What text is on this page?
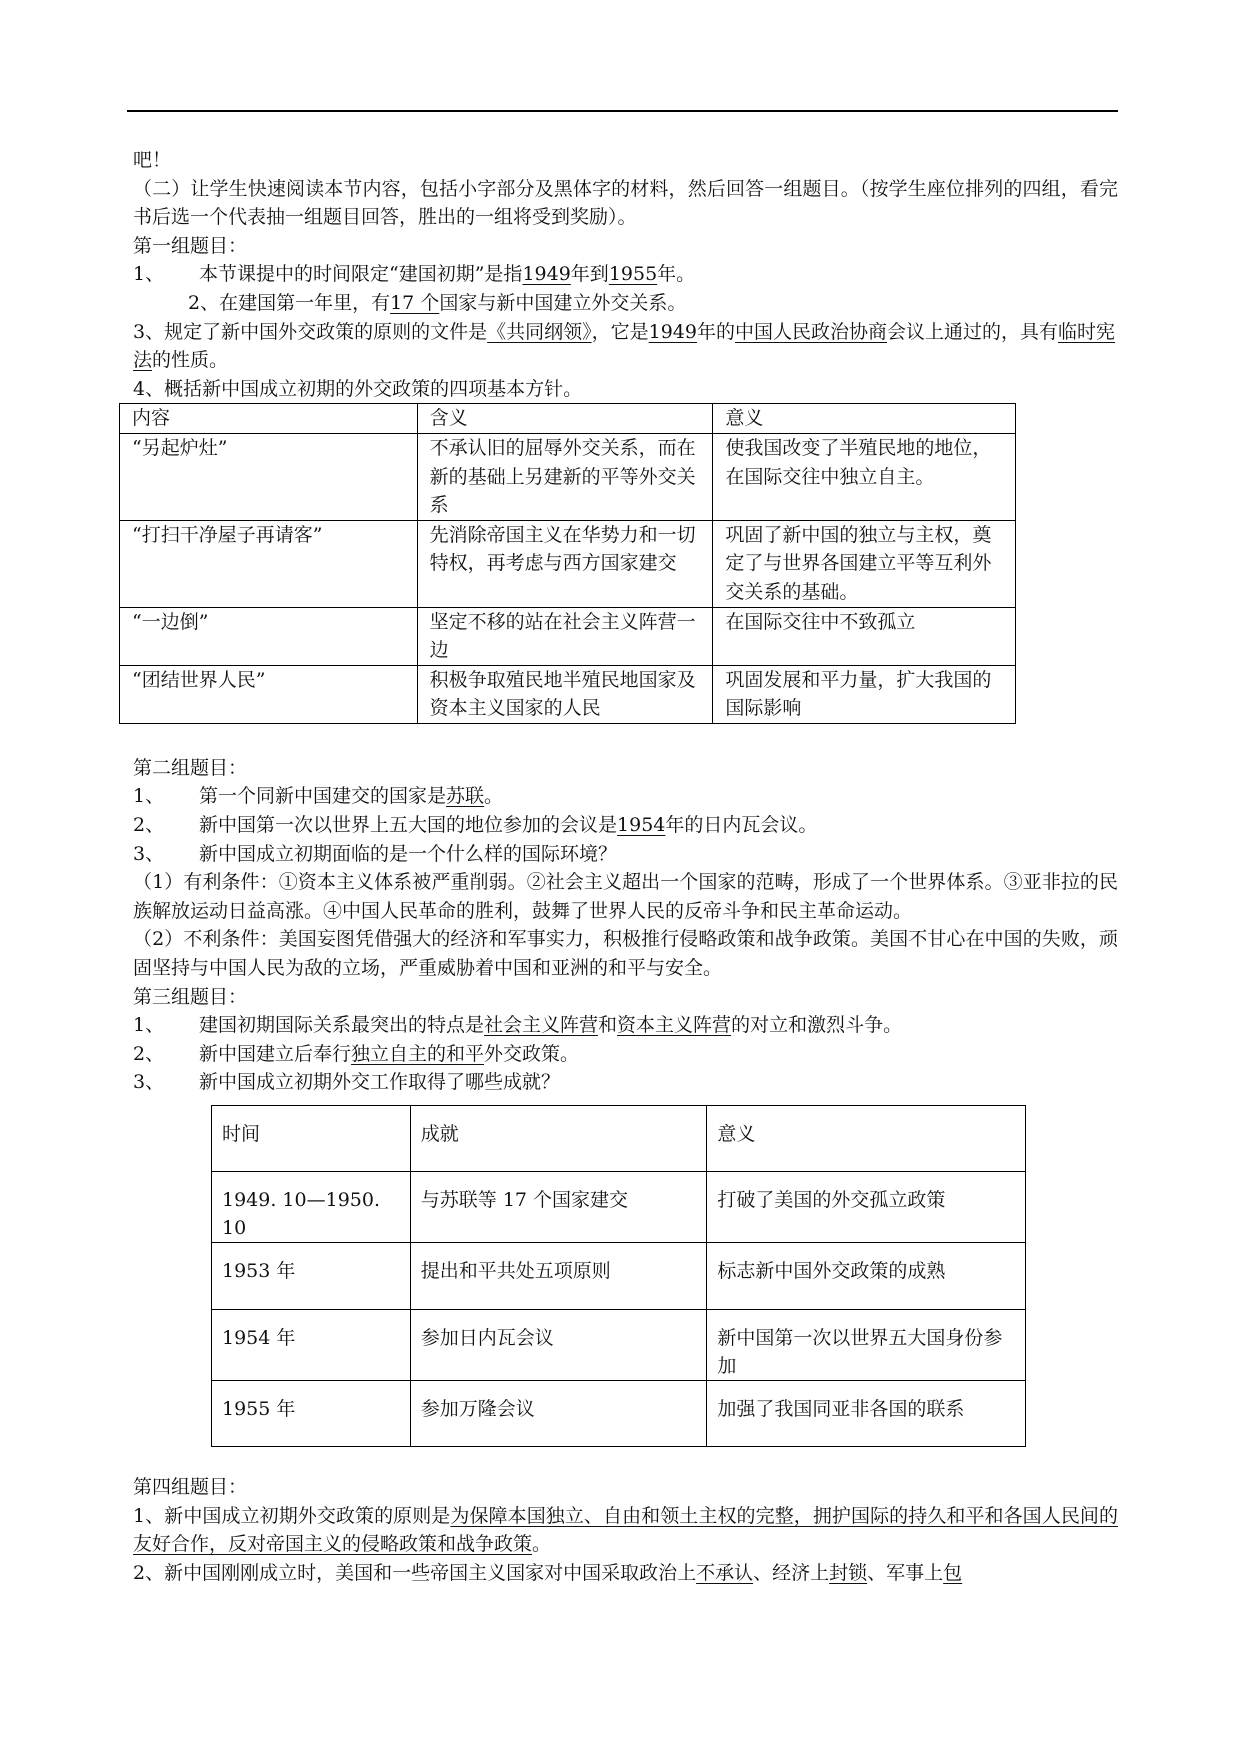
吧！

（二）让学生快速阅读本节内容，包括小字部分及黑体字的材料，然后回答一组题目。（按学生座位排列的四组，看完书后选一个代表抽一组题目回答，胜出的一组将受到奖励）。

第一组题目：

1、 本节课提中的时间限定“建国初期”是指1949年到1955年。

2、在建国第一年里，有17 个国家与新中国建立外交关系。

3、规定了新中国外交政策的原则的文件是《共同纲领》，它是1949年的中国人民政治协商会议上通过的，具有临时宪法的性质。

4、概括新中国成立初期的外交政策的四项基本方针。

内容	含义	意义
“另起炉灶”	不承认旧的屈辱外交关系，而在新的基础上另建新的平等外交关系	使我国改变了半殖民地的地位，在国际交往中独立自主。
“打扫干净屋子再请客”	先消除帝国主义在华势力和一切特权，再考虑与西方国家建交	巩固了新中国的独立与主权，奠定了与世界各国建立平等互利外交关系的基础。
“一边倒”	坚定不移的站在社会主义阵营一边	在国际交往中不致孤立
“团结世界人民”	积极争取殖民地半殖民地国家及资本主义国家的人民	巩固发展和平力量，扩大我国的国际影响

第二组题目：

1、 第一个同新中国建交的国家是苏联。

2、 新中国第一次以世界上五大国的地位参加的会议是1954年的日内瓦会议。

3、 新中国成立初期面临的是一个什么样的国际环境？

（1）有利条件：①资本主义体系被严重削弱。②社会主义超出一个国家的范畴，形成了一个世界体系。③亚非拉的民族解放运动日益高涨。④中国人民革命的胜利，鼓舞了世界人民的反帝斗争和民主革命运动。

（2）不利条件：美国妄图凭借强大的经济和军事实力，积极推行侵略政策和战争政策。美国不甘心在中国的失败，顽固坚持与中国人民为敌的立场，严重威胁着中国和亚洲的和平与安全。

第三组题目：

1、 建国初期国际关系最突出的特点是社会主义阵营和资本主义阵营的对立和激烈斗争。

2、 新中国建立后奉行独立自主的和平外交政策。

3、 新中国成立初期外交工作取得了哪些成就？

时间	成就	意义
1949. 10—1950. 10	与苏联等 17 个国家建交	打破了美国的外交孤立政策
1953 年	提出和平共处五项原则	标志新中国外交政策的成熟
1954 年	参加日内瓦会议	新中国第一次以世界五大国身份参加
1955 年	参加万隆会议	加强了我国同亚非各国的联系

第四组题目：

1、新中国成立初期外交政策的原则是为保障本国独立、自由和领土主权的完整，拥护国际的持久和平和各国人民间的友好合作，反对帝国主义的侵略政策和战争政策。

2、新中国刚刚成立时，美国和一些帝国主义国家对中国采取政治上不承认、经济上封锁、军事上包
